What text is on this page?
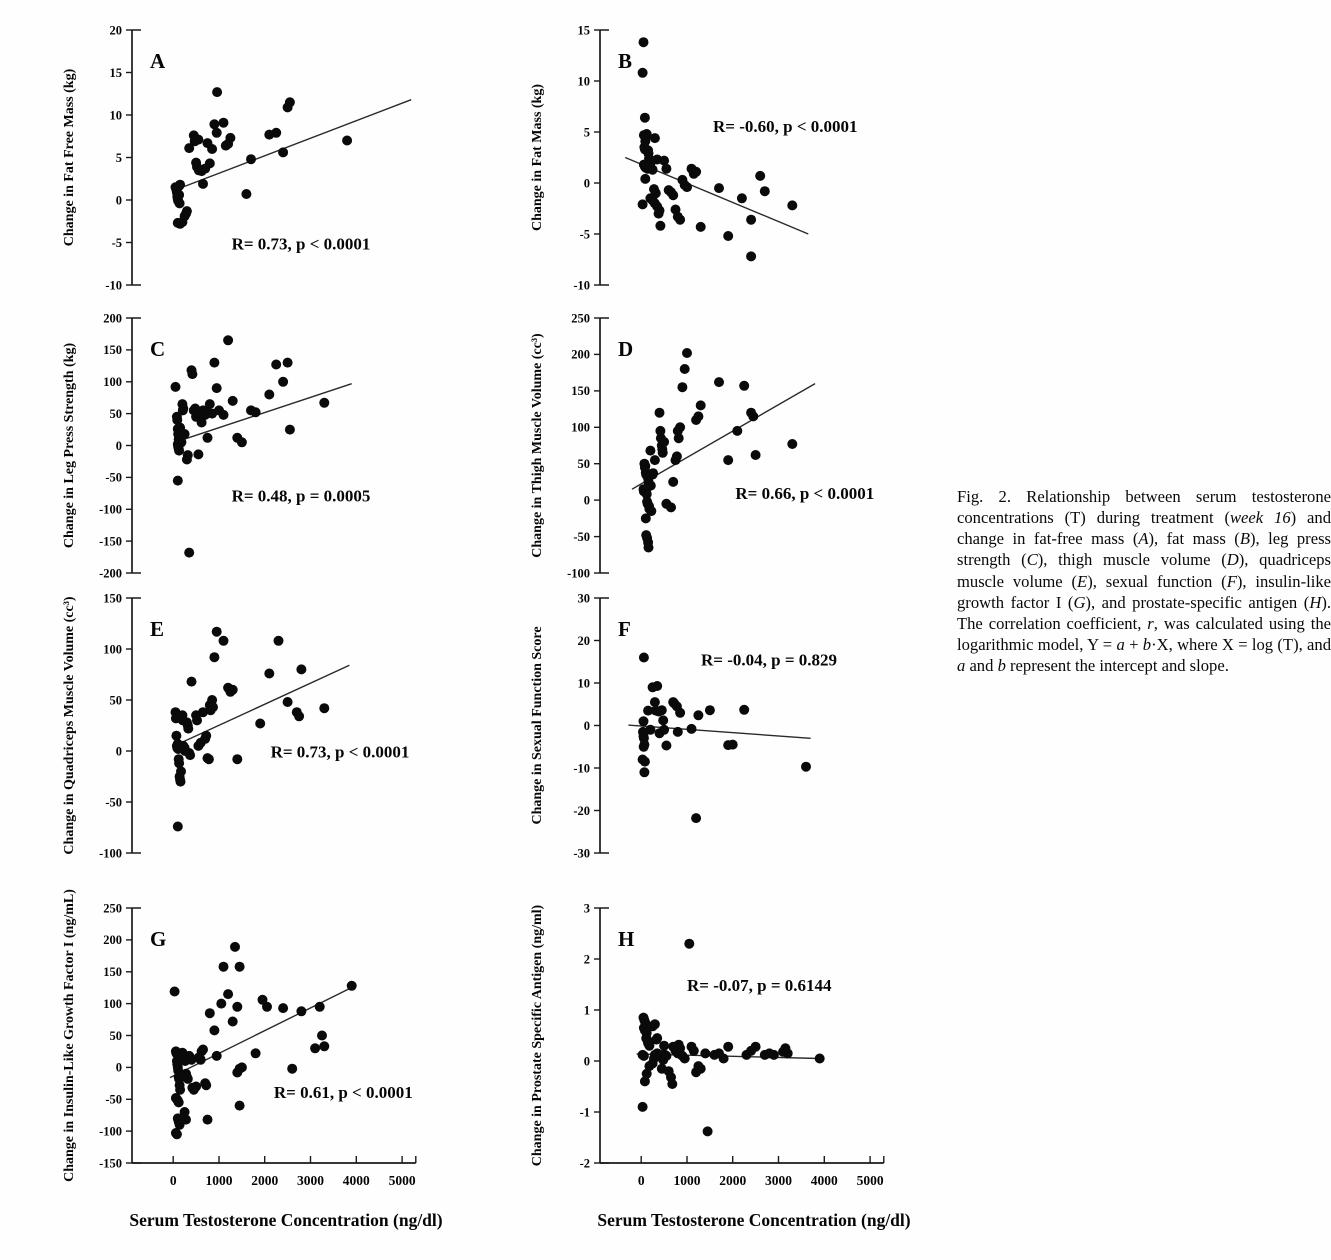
20
15
10
5
0
-5
-10
A
R= 0.73, p < 0.0001
Change in Fat Free Mass (kg)
15
10
5
0
-5
-10
B
R= -0.60, p < 0.0001
Change in Fat Mass (kg)
200
150
100
50
0
-50
-100
-150
-200
C
R= 0.48, p = 0.0005
Change in Leg Press Strength (kg)
250
200
150
100
50
0
-50
-100
D
R= 0.66, p < 0.0001
Change in Thigh Muscle Volume (cc³)
150
100
50
0
-50
-100
E
R= 0.73, p < 0.0001
Change in Quadriceps Muscle Volume (cc³)	30
20
10
0
-10
-20
-30
F
R= -0.04, p = 0.829
Change in Sexual Function Score
250
200
150
100
50
0
-50
-100
-150
0 1000 2000 3000 4000 5000
G
R= 0.61, p < 0.0001
Change in Insulin-Like Growth Factor I (ng/mL)	3
2
1
0
-1
-2
0 1000 2000 3000 4000 5000
H
R= -0.07, p = 0.6144
Change in Prostate Specific Antigen (ng/ml)
Serum Testosterone Concentration (ng/dl)	Serum Testosterone Concentration (ng/dl)
Fig. 2. Relationship between serum testosterone concentrations (T) during treatment (week 16) and change in fat-free mass (A), fat mass (B), leg press strength (C), thigh muscle volume (D), quadriceps muscle volume (E), sexual function (F), insulin-like growth factor I (G), and prostate-specific antigen (H). The correlation coefficient, r, was calculated using the logarithmic model, Y = a + b·X, where X = log (T), and a and b represent the intercept and slope.
